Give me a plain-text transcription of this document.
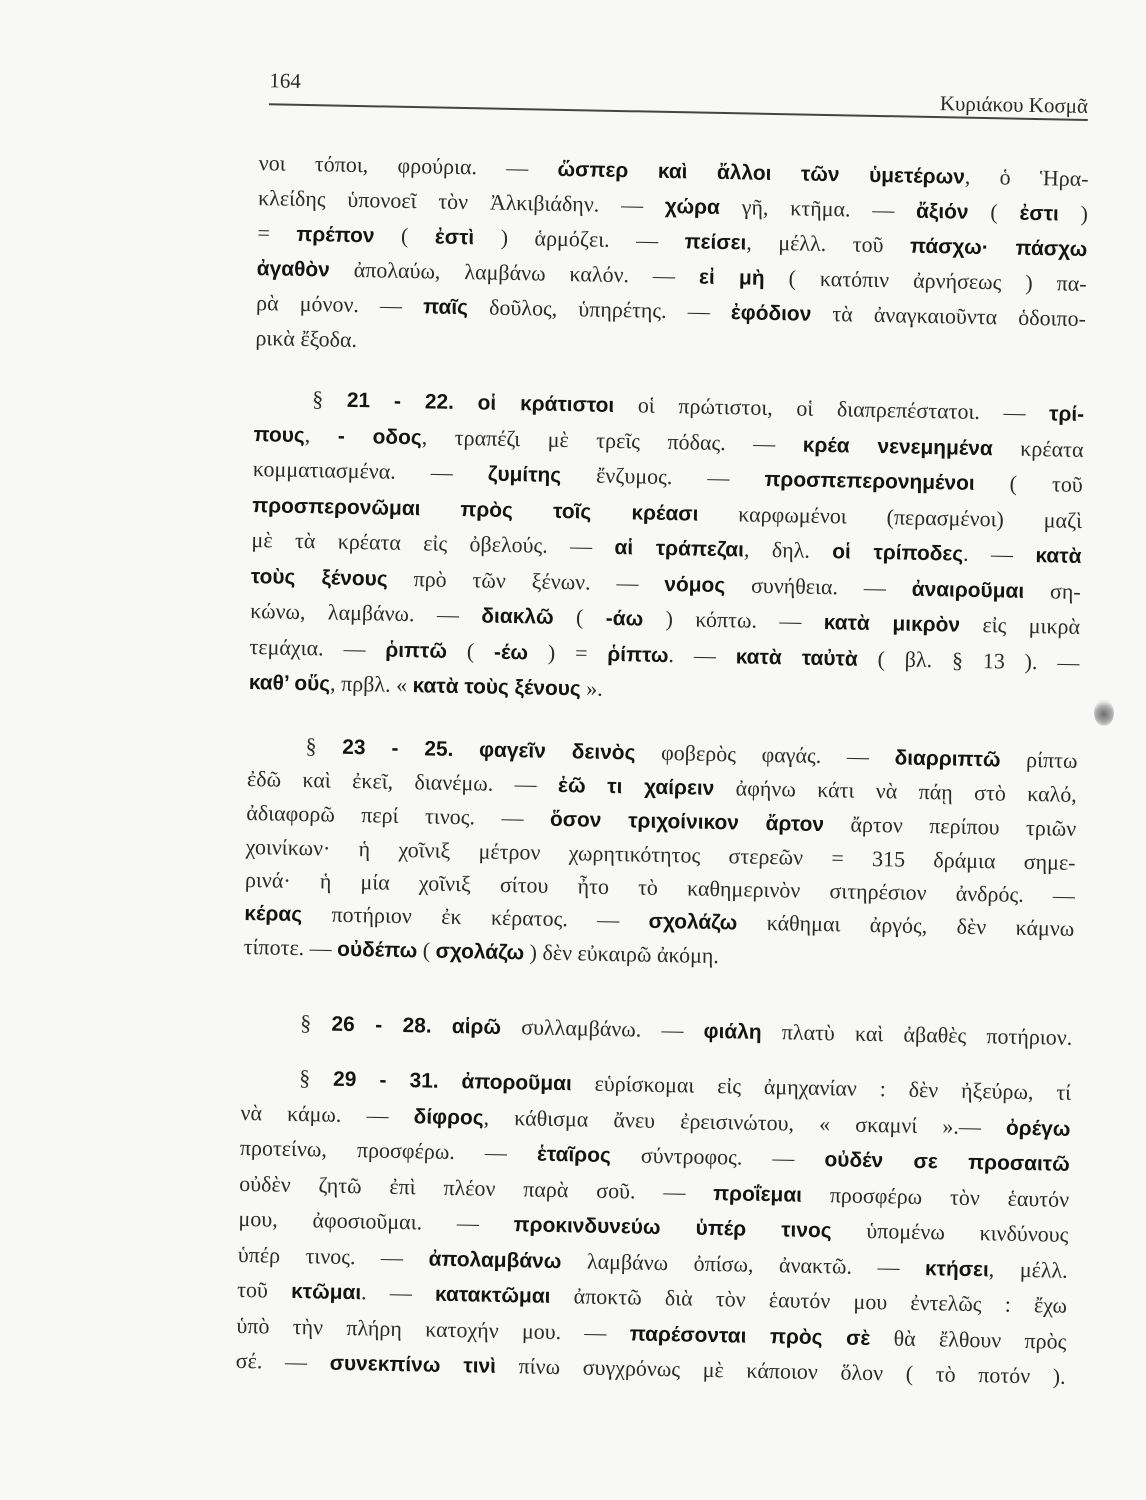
164
Κυριάκου Κοσμᾶ
νοι τόποι, φρούρια. — ὥσπερ καὶ ἄλλοι τῶν ὑμετέρων, ὁ Ἡρα-
κλείδης ὑπονοεῖ τὸν Ἀλκιβιάδην. — χώρα γῆ, κτῆμα. — ἄξιόν ( ἐστι )
= πρέπον ( ἐστὶ ) ἁρμόζει. — πείσει, μέλλ. τοῦ πάσχω· πάσχω
ἀγαθὸν ἀπολαύω, λαμβάνω καλόν. — εἰ μὴ ( κατόπιν ἀρνήσεως ) πα-
ρὰ μόνον. — παῖς δοῦλος, ὑπηρέτης. — ἐφόδιον τὰ ἀναγκαιοῦντα ὁδοιπο-
ρικὰ ἔξοδα.
§ 21 - 22. οἱ κράτιστοι οἱ πρώτιστοι, οἱ διαπρεπέστατοι. — τρί-
πους, - οδος, τραπέζι μὲ τρεῖς πόδας. — κρέα νενεμημένα κρέατα
κομματιασμένα. — ζυμίτης ἔνζυμος. — προσπεπερονημένοι ( τοῦ
προσπερονῶμαι πρὸς τοῖς κρέασι καρφωμένοι (περασμένοι) μαζὶ
μὲ τὰ κρέατα εἰς ὀβελούς. — αἱ τράπεζαι, δηλ. οἱ τρίποδες. — κατὰ
τοὺς ξένους πρὸ τῶν ξένων. — νόμος συνήθεια. — ἀναιροῦμαι ση-
κώνω, λαμβάνω. — διακλῶ ( -άω ) κόπτω. — κατὰ μικρὸν εἰς μικρὰ
τεμάχια. — ῥιπτῶ ( -έω ) = ῥίπτω. — κατὰ ταὐτὰ ( βλ. § 13 ). —
καθ’ οὕς, πρβλ. « κατὰ τοὺς ξένους ».
§ 23 - 25. φαγεῖν δεινὸς φοβερὸς φαγάς. — διαρριπτῶ ρίπτω
ἐδῶ καὶ ἐκεῖ, διανέμω. — ἐῶ τι χαίρειν ἀφήνω κάτι νὰ πάῃ στὸ καλό,
ἀδιαφορῶ περί τινος. — ὅσον τριχοίνικον ἄρτον ἄρτον περίπου τριῶν
χοινίκων· ἡ χοῖνιξ μέτρον χωρητικότητος στερεῶν = 315 δράμια σημε-
ρινά· ἡ μία χοῖνιξ σίτου ἦτο τὸ καθημερινὸν σιτηρέσιον ἀνδρός. —
κέρας ποτήριον ἐκ κέρατος. — σχολάζω κάθημαι ἀργός, δὲν κάμνω
τίποτε. — οὐδέπω ( σχολάζω ) δὲν εὐκαιρῶ ἀκόμη.
§ 26 - 28. αἱρῶ συλλαμβάνω. — φιάλη πλατὺ καὶ ἀβαθὲς ποτήριον.
§ 29 - 31. ἀποροῦμαι εὑρίσκομαι εἰς ἀμηχανίαν : δὲν ἠξεύρω, τί
νὰ κάμω. — δίφρος, κάθισμα ἄνευ ἐρεισινώτου, « σκαμνί ».— ὀρέγω
προτείνω, προσφέρω. — ἑταῖρος σύντροφος. — οὐδέν σε προσαιτῶ
οὐδὲν ζητῶ ἐπὶ πλέον παρὰ σοῦ. — προΐεμαι προσφέρω τὸν ἑαυτόν
μου, ἀφοσιοῦμαι. — προκινδυνεύω ὑπέρ τινος ὑπομένω κινδύνους
ὑπέρ τινος. — ἀπολαμβάνω λαμβάνω ὀπίσω, ἀνακτῶ. — κτήσει, μέλλ.
τοῦ κτῶμαι. — κατακτῶμαι ἀποκτῶ διὰ τὸν ἑαυτόν μου ἐντελῶς : ἔχω
ὑπὸ τὴν πλήρη κατοχήν μου. — παρέσονται πρὸς σὲ θὰ ἔλθουν πρὸς
σέ. — συνεκπίνω τινὶ πίνω συγχρόνως μὲ κάποιον ὅλον ( τὸ ποτόν ).
